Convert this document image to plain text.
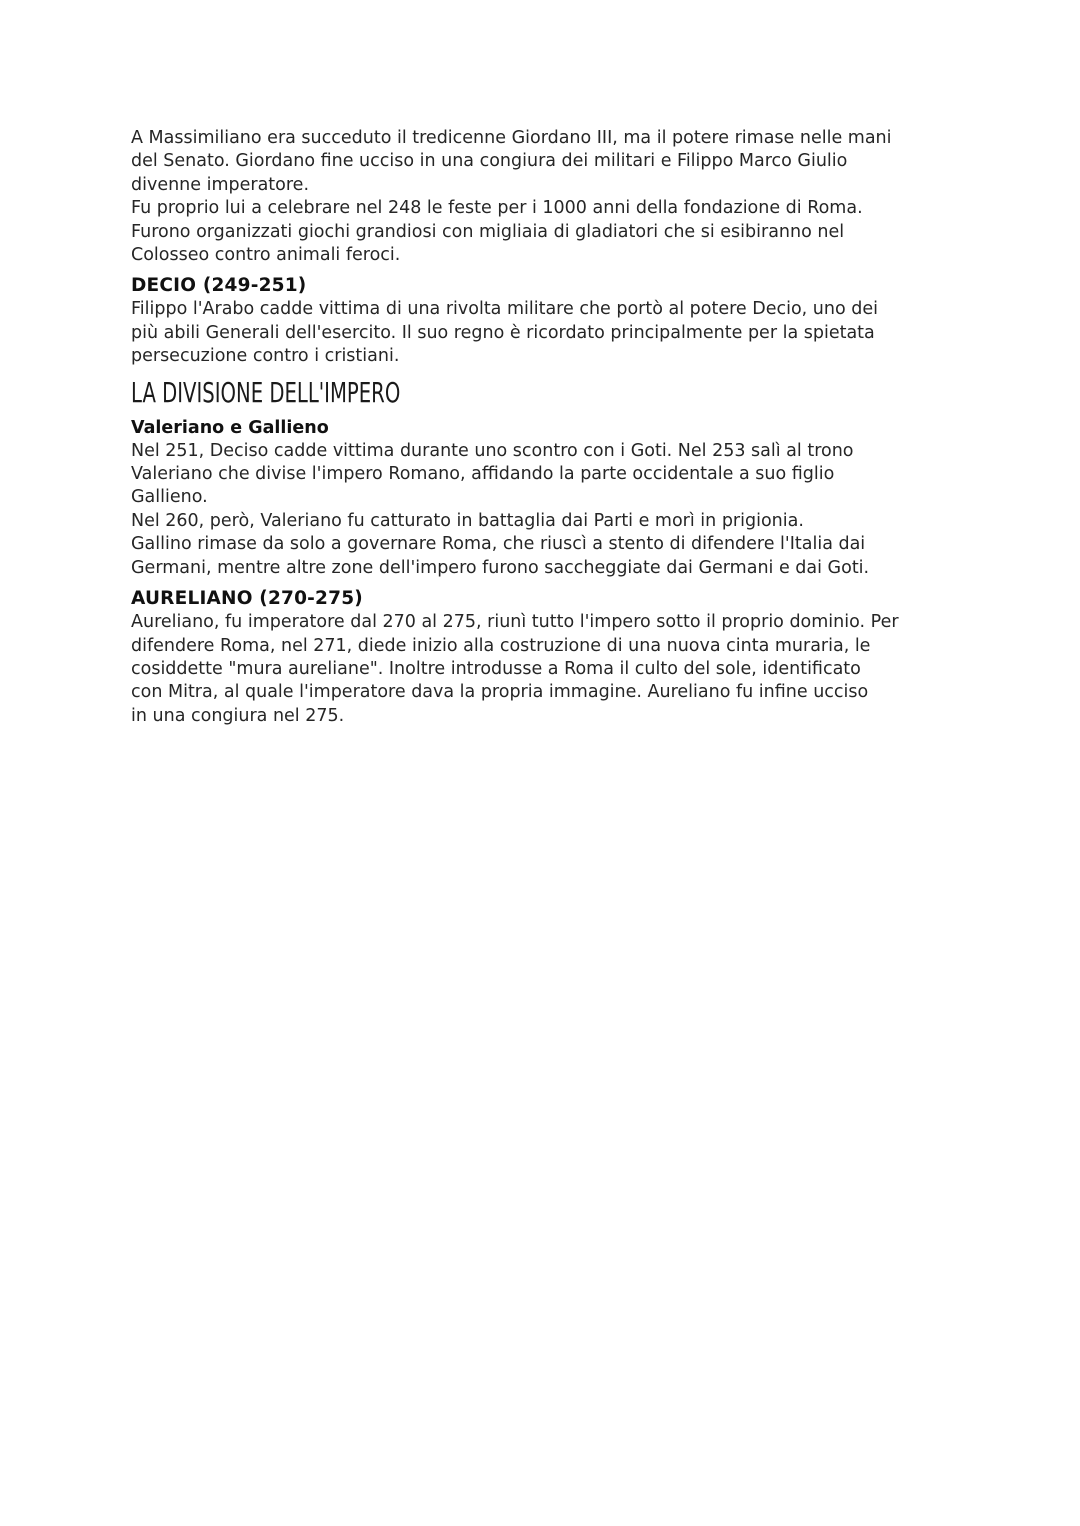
A Massimiliano era succeduto il tredicenne Giordano III, ma il potere rimase nelle mani
del Senato. Giordano fine ucciso in una congiura dei militari e Filippo Marco Giulio
divenne imperatore.
Fu proprio lui a celebrare nel 248 le feste per i 1000 anni della fondazione di Roma.
Furono organizzati giochi grandiosi con migliaia di gladiatori che si esibiranno nel
Colosseo contro animali feroci.

DECIO (249-251)

Filippo l'Arabo cadde vittima di una rivolta militare che portò al potere Decio, uno dei
più abili Generali dell'esercito. Il suo regno è ricordato principalmente per la spietata
persecuzione contro i cristiani.

LA DIVISIONE DELL'IMPERO
Valeriano e Gallieno

Nel 251, Deciso cadde vittima durante uno scontro con i Goti. Nel 253 salì al trono
Valeriano che divise l'impero Romano, affidando la parte occidentale a suo figlio
Gallieno.
Nel 260, però, Valeriano fu catturato in battaglia dai Parti e morì in prigionia.
Gallino rimase da solo a governare Roma, che riuscì a stento di difendere l'Italia dai
Germani, mentre altre zone dell'impero furono saccheggiate dai Germani e dai Goti.

AURELIANO (270-275)

Aureliano, fu imperatore dal 270 al 275, riunì tutto l'impero sotto il proprio dominio. Per
difendere Roma, nel 271, diede inizio alla costruzione di una nuova cinta muraria, le
cosiddette "mura aureliane". Inoltre introdusse a Roma il culto del sole, identificato
con Mitra, al quale l'imperatore dava la propria immagine. Aureliano fu infine ucciso
in una congiura nel 275.
